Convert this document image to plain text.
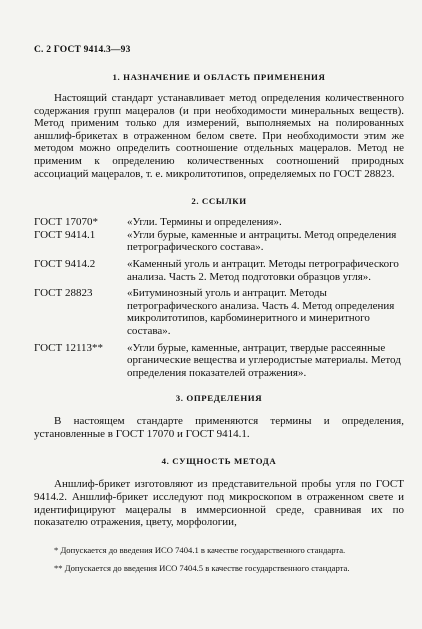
С. 2 ГОСТ 9414.3—93
1. НАЗНАЧЕНИЕ И ОБЛАСТЬ ПРИМЕНЕНИЯ

Настоящий стандарт устанавливает метод определения количественного содержания групп мацералов (и при необходимости минеральных веществ). Метод применим только для измерений, выполняемых на полированных аншлиф-брикетах в отраженном белом свете. При необходимости этим же методом можно определить соотношение отдельных мацералов. Метод не применим к определению количественных соотношений природных ассоциаций мацералов, т. е. микролитотипов, определяемых по ГОСТ 28823.

2. ССЫЛКИ
ГОСТ 17070*	«Угли. Термины и определения».
ГОСТ 9414.1	«Угли бурые, каменные и антрациты. Метод определения петрографического состава».
ГОСТ 9414.2	«Каменный уголь и антрацит. Методы петрографического анализа. Часть 2. Метод подготовки образцов угля».
ГОСТ 28823	«Битуминозный уголь и антрацит. Методы петрографического анализа. Часть 4. Метод определения микролитотипов, карбоминеритного и минеритного состава».
ГОСТ 12113**	«Угли бурые, каменные, антрацит, твердые рассеянные органические вещества и углеродистые материалы. Метод определения показателей отражения».
3. ОПРЕДЕЛЕНИЯ

В настоящем стандарте применяются термины и определения, установленные в ГОСТ 17070 и ГОСТ 9414.1.

4. СУЩНОСТЬ МЕТОДА

Аншлиф-брикет изготовляют из представительной пробы угля по ГОСТ 9414.2. Аншлиф-брикет исследуют под микроскопом в отраженном свете и идентифицируют мацералы в иммерсионной среде, сравнивая их по показателю отражения, цвету, морфологии,

* Допускается до введения ИСО 7404.1 в качестве государственного стандарта.

** Допускается до введения ИСО 7404.5 в качестве государственного стандарта.
